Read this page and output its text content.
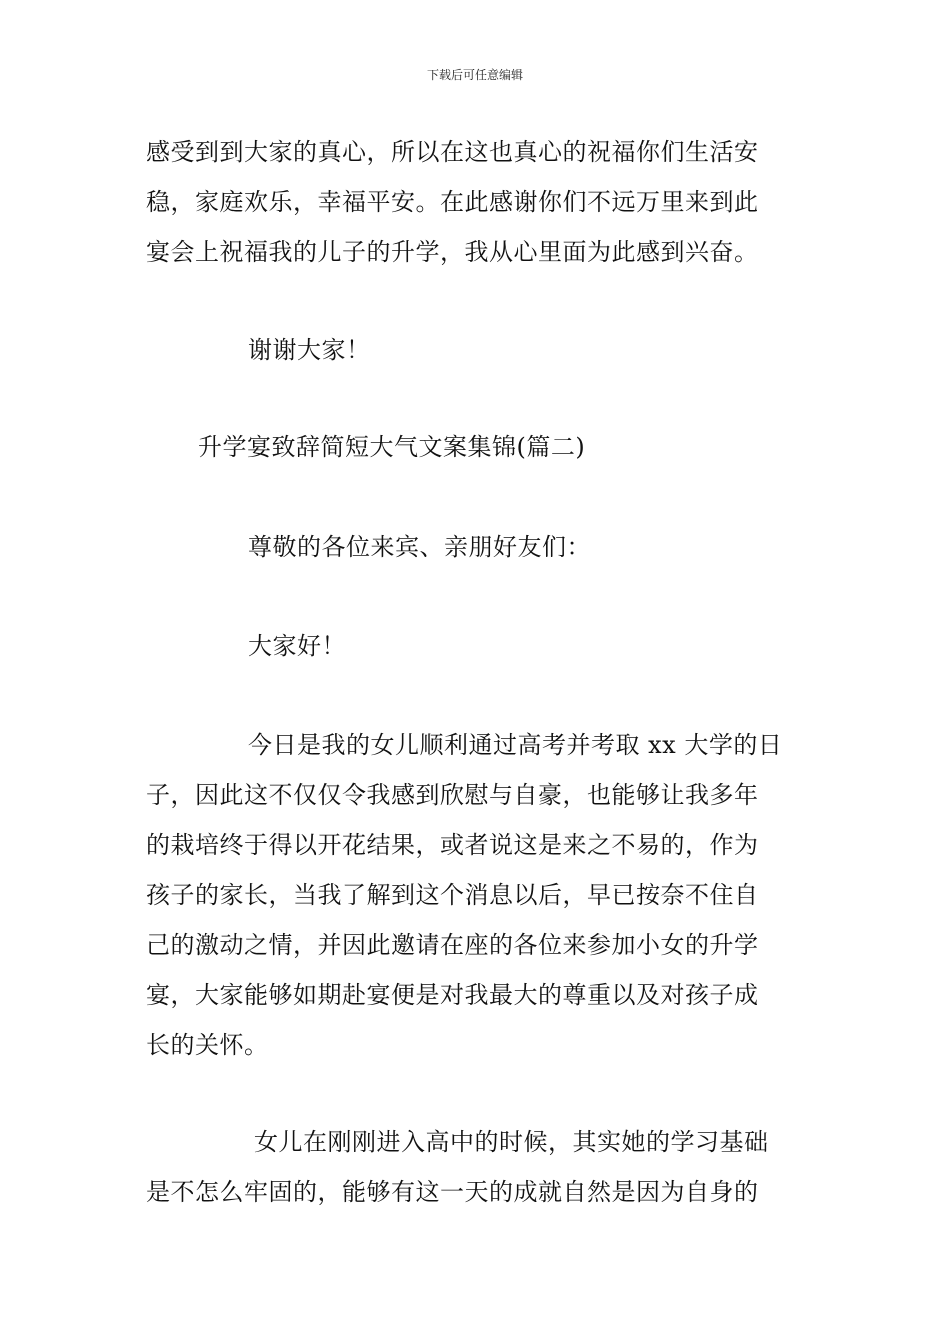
下载后可任意编辑

感受到到大家的真心，所以在这也真心的祝福你们生活安

稳，家庭欢乐，幸福平安。在此感谢你们不远万里来到此

宴会上祝福我的儿子的升学，我从心里面为此感到兴奋。

谢谢大家！

升学宴致辞简短大气文案集锦(篇二)

尊敬的各位来宾、亲朋好友们：

大家好！

今日是我的女儿顺利通过高考并考取 xx 大学的日

子，因此这不仅仅令我感到欣慰与自豪，也能够让我多年

的栽培终于得以开花结果，或者说这是来之不易的，作为

孩子的家长，当我了解到这个消息以后，早已按奈不住自

己的激动之情，并因此邀请在座的各位来参加小女的升学

宴，大家能够如期赴宴便是对我最大的尊重以及对孩子成

长的关怀。

女儿在刚刚进入高中的时候，其实她的学习基础

是不怎么牢固的，能够有这一天的成就自然是因为自身的
